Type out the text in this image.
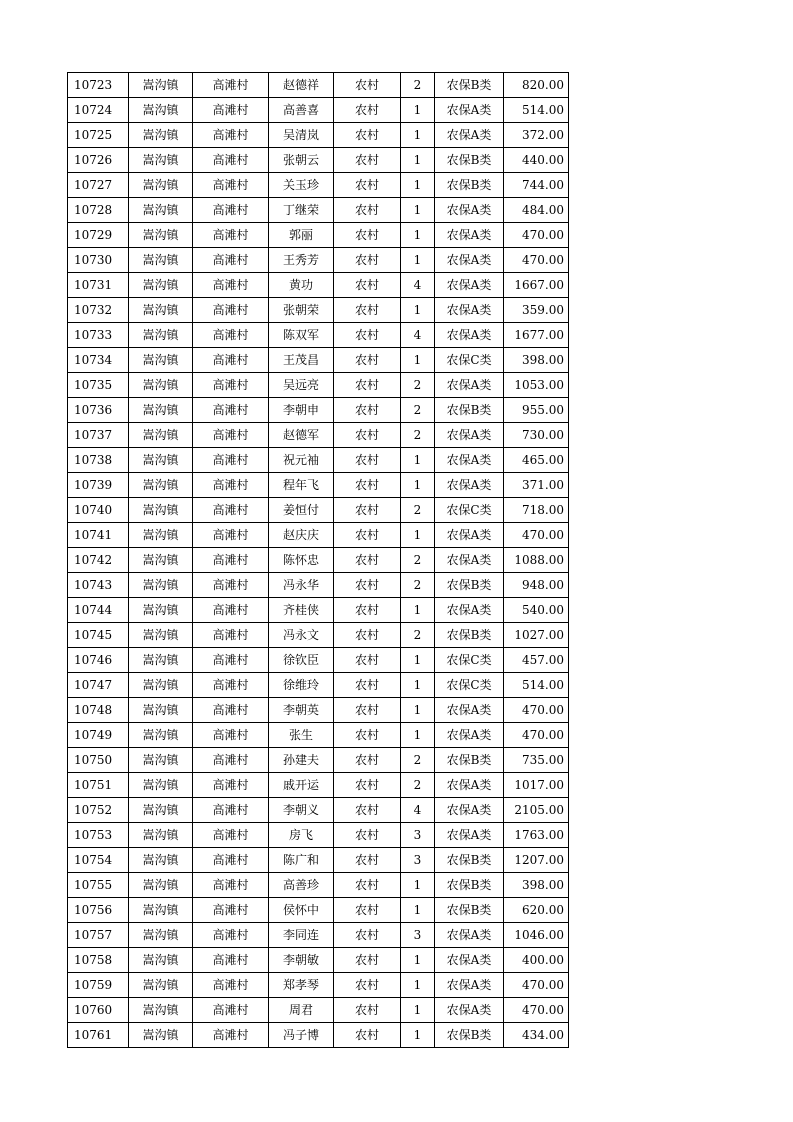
10723	嵩沟镇	高滩村	赵德祥	农村	2	农保B类	820.00
10724	嵩沟镇	高滩村	高善喜	农村	1	农保A类	514.00
10725	嵩沟镇	高滩村	吴清岚	农村	1	农保A类	372.00
10726	嵩沟镇	高滩村	张朝云	农村	1	农保B类	440.00
10727	嵩沟镇	高滩村	关玉珍	农村	1	农保B类	744.00
10728	嵩沟镇	高滩村	丁继荣	农村	1	农保A类	484.00
10729	嵩沟镇	高滩村	郭丽	农村	1	农保A类	470.00
10730	嵩沟镇	高滩村	王秀芳	农村	1	农保A类	470.00
10731	嵩沟镇	高滩村	黄功	农村	4	农保A类	1667.00
10732	嵩沟镇	高滩村	张朝荣	农村	1	农保A类	359.00
10733	嵩沟镇	高滩村	陈双军	农村	4	农保A类	1677.00
10734	嵩沟镇	高滩村	王茂昌	农村	1	农保C类	398.00
10735	嵩沟镇	高滩村	吴远亮	农村	2	农保A类	1053.00
10736	嵩沟镇	高滩村	李朝申	农村	2	农保B类	955.00
10737	嵩沟镇	高滩村	赵德军	农村	2	农保A类	730.00
10738	嵩沟镇	高滩村	祝元袖	农村	1	农保A类	465.00
10739	嵩沟镇	高滩村	程年飞	农村	1	农保A类	371.00
10740	嵩沟镇	高滩村	姜恒付	农村	2	农保C类	718.00
10741	嵩沟镇	高滩村	赵庆庆	农村	1	农保A类	470.00
10742	嵩沟镇	高滩村	陈怀忠	农村	2	农保A类	1088.00
10743	嵩沟镇	高滩村	冯永华	农村	2	农保B类	948.00
10744	嵩沟镇	高滩村	齐桂侠	农村	1	农保A类	540.00
10745	嵩沟镇	高滩村	冯永文	农村	2	农保B类	1027.00
10746	嵩沟镇	高滩村	徐钦臣	农村	1	农保C类	457.00
10747	嵩沟镇	高滩村	徐维玲	农村	1	农保C类	514.00
10748	嵩沟镇	高滩村	李朝英	农村	1	农保A类	470.00
10749	嵩沟镇	高滩村	张生	农村	1	农保A类	470.00
10750	嵩沟镇	高滩村	孙建夫	农村	2	农保B类	735.00
10751	嵩沟镇	高滩村	戚开运	农村	2	农保A类	1017.00
10752	嵩沟镇	高滩村	李朝义	农村	4	农保A类	2105.00
10753	嵩沟镇	高滩村	房飞	农村	3	农保A类	1763.00
10754	嵩沟镇	高滩村	陈广和	农村	3	农保B类	1207.00
10755	嵩沟镇	高滩村	高善珍	农村	1	农保B类	398.00
10756	嵩沟镇	高滩村	侯怀中	农村	1	农保B类	620.00
10757	嵩沟镇	高滩村	李同连	农村	3	农保A类	1046.00
10758	嵩沟镇	高滩村	李朝敏	农村	1	农保A类	400.00
10759	嵩沟镇	高滩村	郑孝琴	农村	1	农保A类	470.00
10760	嵩沟镇	高滩村	周君	农村	1	农保A类	470.00
10761	嵩沟镇	高滩村	冯子博	农村	1	农保B类	434.00
